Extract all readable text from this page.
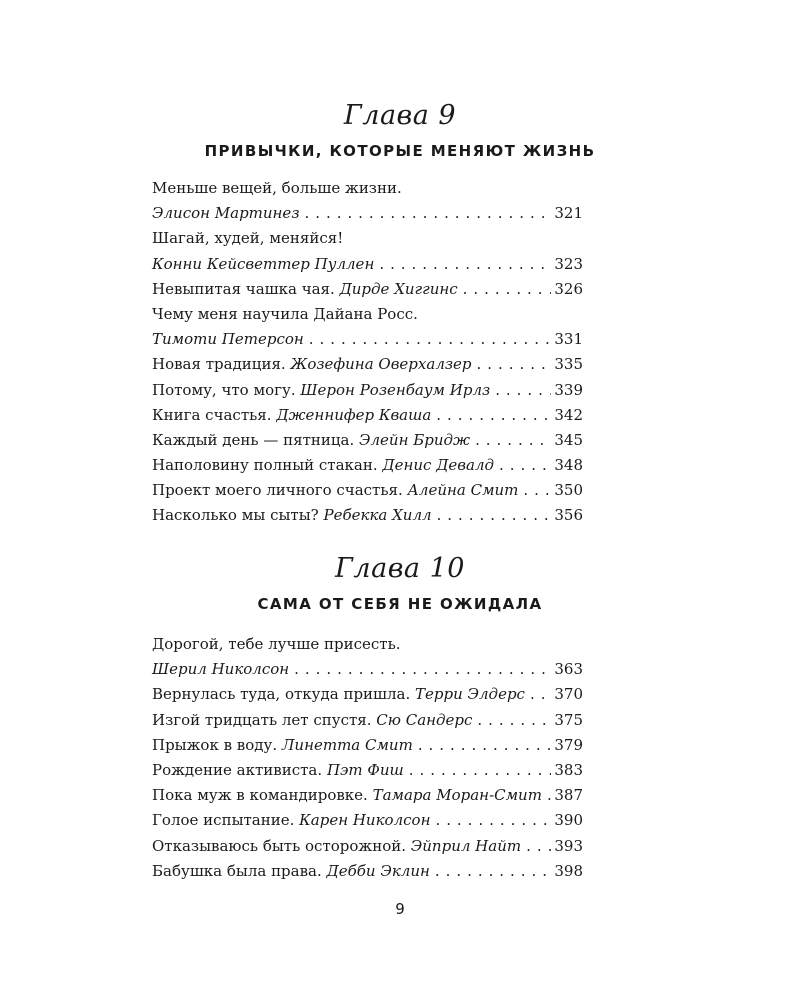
Глава 9
ПРИВЫЧКИ, КОТОРЫЕ МЕНЯЮТ ЖИЗНЬ
Меньше вещей, больше жизни.
Элисон Мартинез . . .	321
Шагай, худей, меняйся!
Конни Кейсветтер Пуллен . . .	323
Невыпитая чашка чая. Дирде Хиггинс . . .	326
Чему меня научила Дайана Росс.
Тимоти Петерсон . . .	331
Новая традиция. Жозефина Оверхалзер . . .	335
Потому, что могу. Шерон Розенбаум Ирлз . . .	339
Книга счастья. Дженнифер Кваша . . .	342
Каждый день — пятница. Элейн Бридж . . .	345
Наполовину полный стакан. Денис Девалд . . .	348
Проект моего личного счастья. Алейна Смит . . . 350
Насколько мы сыты? Ребекка Хилл . . .	356
Глава 10
САМА ОТ СЕБЯ НЕ ОЖИДАЛА
Дорогой, тебе лучше присесть.
Шерил Николсон . . .	363
Вернулась туда, откуда пришла. Терри Элдерс . . . 370
Изгой тридцать лет спустя. Сю Сандерс . . .	375
Прыжок в воду. Линетта Смит . . .	379
Рождение активиста. Пэт Фиш . . .	383
Пока муж в командировке. Тамара Моран-Смит . . . 387
Голое испытание. Карен Николсон . . .	390
Отказываюсь быть осторожной. Эйприл Найт . . . 393
Бабушка была права. Дебби Эклин . . .	398
9
